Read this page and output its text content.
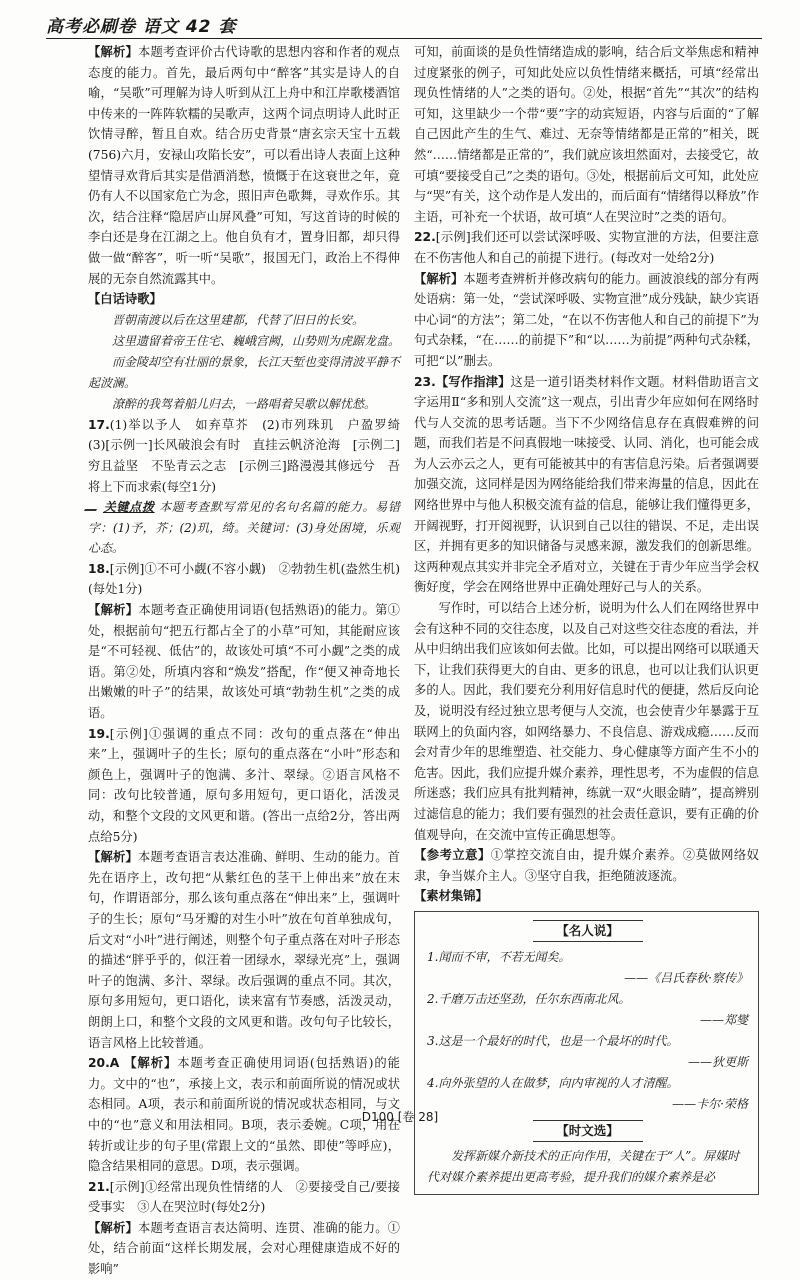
高考必刷卷 语文 42 套

【解析】本题考查评价古代诗歌的思想内容和作者的观点态度的能力。首先，最后两句中“醉客”其实是诗人的自喻，“吴歌”可理解为诗人听到从江上舟中和江岸歌楼酒馆中传来的一阵阵软糯的吴歌声，这两个词点明诗人此时正饮情寻醉，暂且自欢。结合历史背景“唐玄宗天宝十五载(756)六月，安禄山攻陷长安”，可以看出诗人表面上这种望情寻欢背后其实是借酒消愁，愤慨于在这衰世之年，竟仍有人不以国家危亡为念，照旧声色歌舞，寻欢作乐。其次，结合注释“隐居庐山屏风叠”可知，写这首诗的时候的李白还是身在江湖之上。他自负有才，置身旧都，却只得做一做“醉客”，听一听“吴歌”，报国无门，政治上不得伸展的无奈自然流露其中。

【白话诗歌】

晋朝南渡以后在这里建都，代替了旧日的长安。

这里遗留着帝王住宅、巍峨宫阙，山势则为虎踞龙盘。

而金陵却空有壮丽的景象，长江天堑也变得清波平静不起波澜。

潦醉的我驾着船儿归去，一路唱着吴歌以解忧愁。

17.(1)举以予人　如弃草芥　(2)市列珠玑　户盈罗绮　(3)[示例一]长风破浪会有时　直挂云帆济沧海　[示例二]穷且益坚　不坠青云之志　[示例三]路漫漫其修远兮　吾将上下而求索(每空1分)

关键点拨 本题考查默写常见的名句名篇的能力。易错字：(1)予，芥；(2)玑，绮。关键词：(3)身处困境，乐观心态。

18.[示例]①不可小觑(不容小觑)　②勃勃生机(盎然生机)(每处1分)

【解析】本题考查正确使用词语(包括熟语)的能力。第①处，根据前句“把五行都占全了的小草”可知，其能耐应该是“不可轻视、低估”的，故该处可填“不可小觑”之类的成语。第②处，所填内容和“焕发”搭配，作“便又神奇地长出嫩嫩的叶子”的结果，故该处可填“勃勃生机”之类的成语。

19.[示例]①强调的重点不同：改句的重点落在“伸出来”上，强调叶子的生长；原句的重点落在“小叶”形态和颜色上，强调叶子的饱满、多汁、翠绿。②语言风格不同：改句比较普通，原句多用短句，更口语化，活泼灵动，和整个文段的文风更和谐。(答出一点给2分，答出两点给5分)

【解析】本题考查语言表达准确、鲜明、生动的能力。首先在语序上，改句把“从紫红色的茎干上伸出来”放在末句，作谓语部分，那么该句重点落在“伸出来”上，强调叶子的生长；原句“马牙瓣的对生小叶”放在句首单独成句，后文对“小叶”进行阐述，则整个句子重点落在对叶子形态的描述“胖乎乎的，似汪着一团绿水，翠绿光亮”上，强调叶子的饱满、多汁、翠绿。改后强调的重点不同。其次，原句多用短句，更口语化，读来富有节奏感，活泼灵动，朗朗上口，和整个文段的文风更和谐。改句句子比较长，语言风格上比较普通。

20.A 【解析】本题考查正确使用词语(包括熟语)的能力。文中的“也”，承接上文，表示和前面所说的情况或状态相同。A项，表示和前面所说的情况或状态相同，与文中的“也”意义和用法相同。B项，表示委婉。C项，用在转折或让步的句子里(常跟上文的“虽然、即使”等呼应)，隐含结果相同的意思。D项，表示强调。

21.[示例]①经常出现负性情绪的人　②要接受自己/要接受事实　③人在哭泣时(每处2分)

【解析】本题考查语言表达简明、连贯、准确的能力。①处，结合前面“这样长期发展，会对心理健康造成不好的影响”

可知，前面谈的是负性情绪造成的影响，结合后文举焦虑和精神过度紧张的例子，可知此处应以负性情绪来概括，可填“经常出现负性情绪的人”之类的语句。②处，根据“首先”“其次”的结构可知，这里缺少一个带“要”字的动宾短语，内容与后面的“了解自己因此产生的生气、难过、无奈等情绪都是正常的”相关，既然“……情绪都是正常的”，我们就应该坦然面对，去接受它，故可填“要接受自己”之类的语句。③处，根据前后文可知，此处应与“哭”有关，这个动作是人发出的，而后面有“情绪得以释放”作主语，可补充一个状语，故可填“人在哭泣时”之类的语句。

22.[示例]我们还可以尝试深呼吸、实物宣泄的方法，但要注意在不伤害他人和自己的前提下进行。(每改对一处给2分)

【解析】本题考查辨析并修改病句的能力。画波浪线的部分有两处语病：第一处，“尝试深呼吸、实物宣泄”成分残缺，缺少宾语中心词“的方法”；第二处，“在以不伤害他人和自己的前提下”为句式杂糅，“在……的前提下”和“以……为前提”两种句式杂糅，可把“以”删去。

23.【写作指津】这是一道引语类材料作文题。材料借助语言文字运用Ⅱ“多和别人交流”这一观点，引出青少年应如何在网络时代与人交流的思考话题。当下不少网络信息存在真假难辨的问题，而我们若是不问真假地一味接受、认同、消化，也可能会成为人云亦云之人，更有可能被其中的有害信息污染。后者强调要加强交流，这同样是因为网络能给我们带来海量的信息，因此在网络世界中与他人积极交流有益的信息，能够让我们懂得更多，开阔视野，打开阅视野，认识到自己以往的错误、不足，走出误区，并拥有更多的知识储备与灵感来源，激发我们的创新思维。这两种观点其实并非完全矛盾对立，关键在于青少年应当学会权衡好度，学会在网络世界中正确处理好己与人的关系。

写作时，可以结合上述分析，说明为什么人们在网络世界中会有这种不同的交往态度，以及自己对这些交往态度的看法，并从中归纳出我们应该如何去做。比如，可以提出网络可以联通天下，让我们获得更大的自由、更多的讯息，也可以让我们认识更多的人。因此，我们要充分利用好信息时代的便捷，然后反向论及，说明没有经过独立思考便与人交流，也会使青少年暴露于互联网上的负面内容，如网络暴力、不良信息、游戏成瘾……反而会对青少年的思维塑造、社交能力、身心健康等方面产生不小的危害。因此，我们应提升媒介素养，理性思考，不为虚假的信息所迷惑；我们应具有批判精神，练就一双“火眼金睛”，提高辨别过滤信息的能力；我们要有强烈的社会责任意识，要有正确的价值观导向，在交流中宣传正确思想等。

【参考立意】①掌控交流自由，提升媒介素养。②莫做网络奴隶，争当媒介主人。③坚守自我，拒绝随波逐流。

【素材集锦】

【名人说】

1.闻而不审，不若无闻矣。

——《吕氏春秋·察传》

2.千磨万击还坚劲，任尔东西南北风。

——郑燮

3.这是一个最好的时代，也是一个最坏的时代。

——狄更斯

4.向外张望的人在做梦，向内审视的人才清醒。

——卡尔·荣格

【时文选】

发挥新媒介新技术的正向作用，关键在于“人”。屏媒时代对媒介素养提出更高考验，提升我们的媒介素养是必

D100 [卷 28]
